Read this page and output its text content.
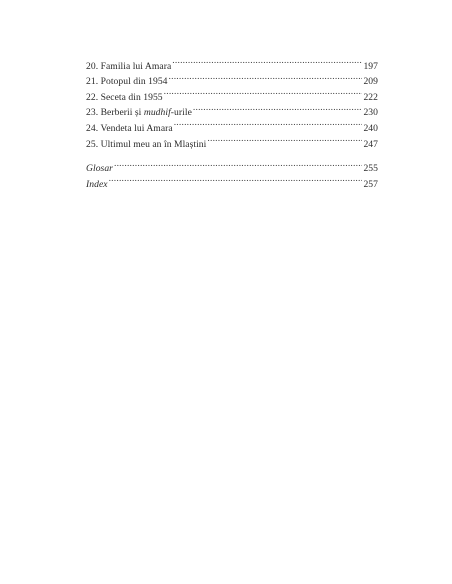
20. Familia lui Amara .....	197
21. Potopul din 1954 .....	209
22. Seceta din 1955 .....	222
23. Berberii și mudhif-urile .....	230
24. Vendeta lui Amara .....	240
25. Ultimul meu an în Mlaștini .....	247
Glosar .....	255
Index .....	257
